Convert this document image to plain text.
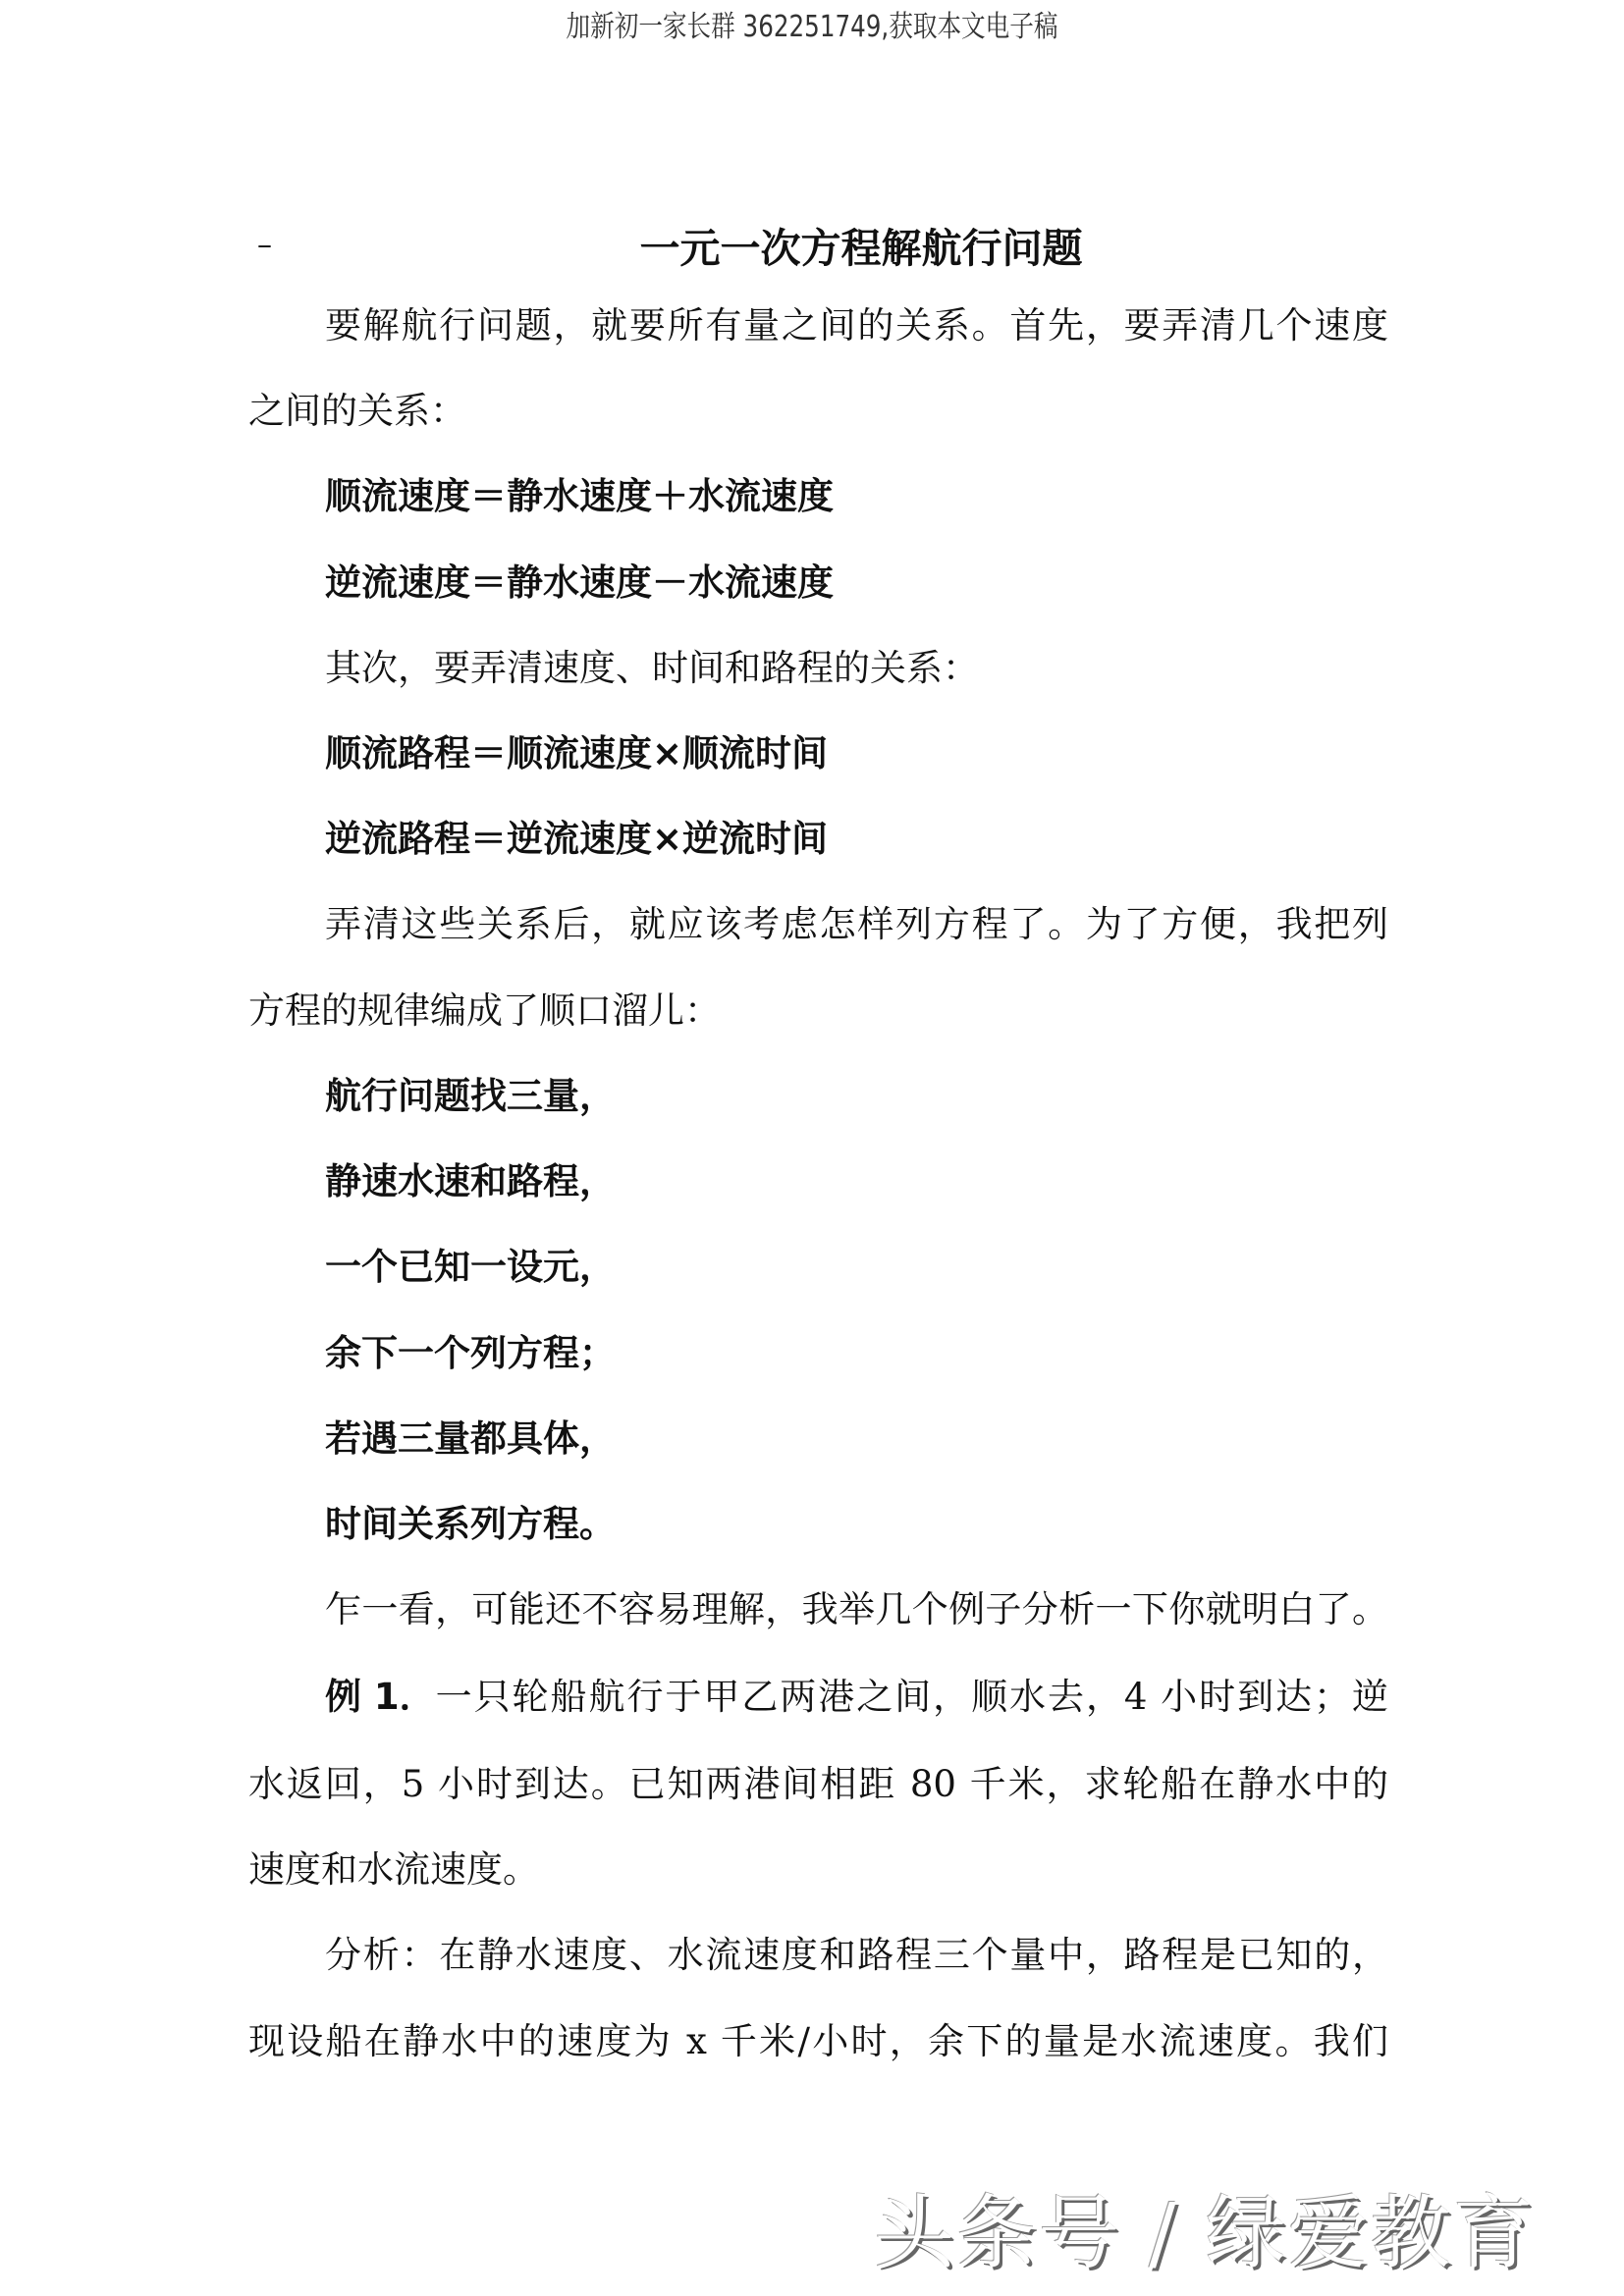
加新初一家长群 362251749,获取本文电子稿
–	一元一次方程解航行问题
要解航行问题，就要所有量之间的关系。首先，要弄清几个速度
之间的关系：
顺流速度＝静水速度＋水流速度
逆流速度＝静水速度－水流速度
其次，要弄清速度、时间和路程的关系：
顺流路程＝顺流速度×顺流时间
逆流路程＝逆流速度×逆流时间
弄清这些关系后，就应该考虑怎样列方程了。为了方便，我把列
方程的规律编成了顺口溜儿：
航行问题找三量，
静速水速和路程，
一个已知一设元，
余下一个列方程；
若遇三量都具体，
时间关系列方程。
乍一看，可能还不容易理解，我举几个例子分析一下你就明白了。
例 1． 一只轮船航行于甲乙两港之间，顺水去，4 小时到达；逆
水返回，5 小时到达。已知两港间相距 80 千米，求轮船在静水中的
速度和水流速度。
分析：在静水速度、水流速度和路程三个量中，路程是已知的，
现设船在静水中的速度为 x 千米/小时，余下的量是水流速度。我们
头条号 / 绿爱教育
